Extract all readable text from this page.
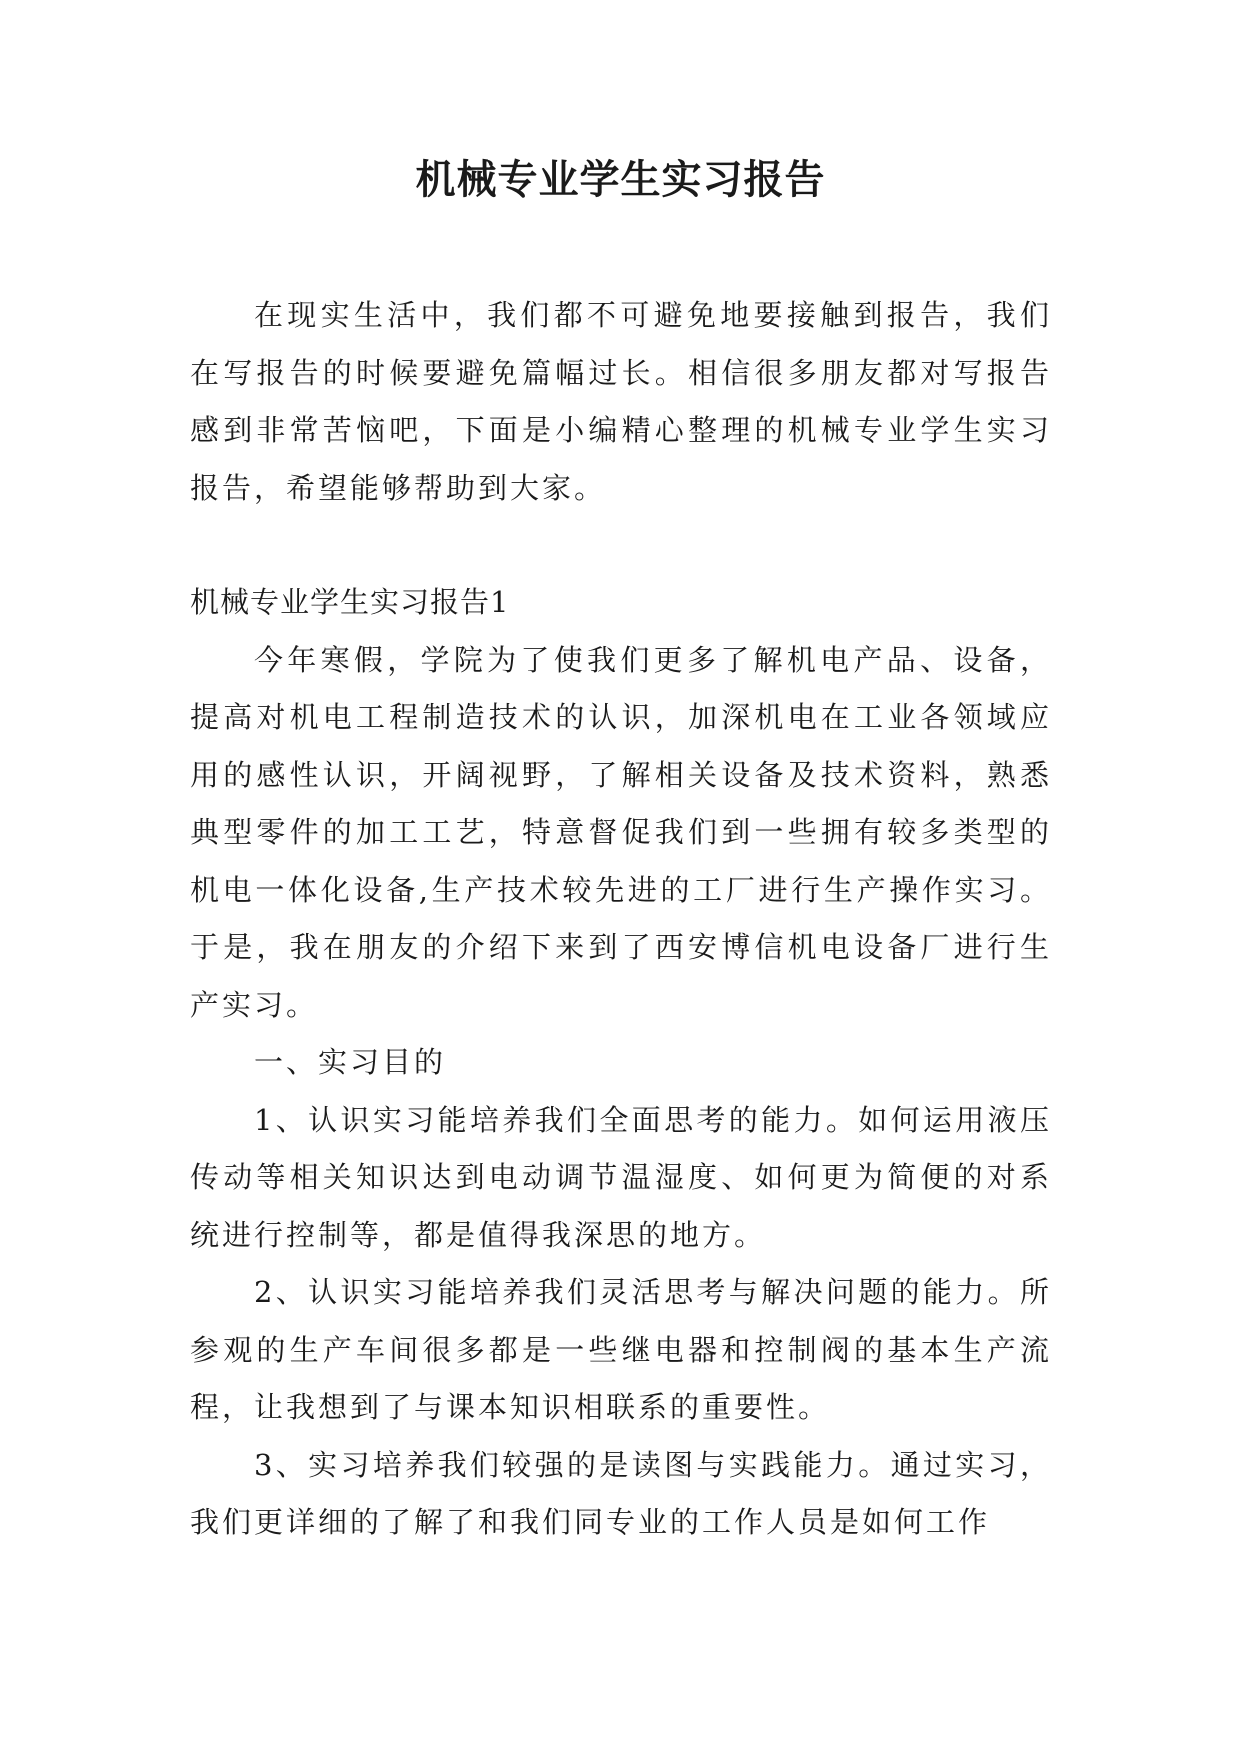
机械专业学生实习报告

在现实生活中，我们都不可避免地要接触到报告，我们在写报告的时候要避免篇幅过长。相信很多朋友都对写报告感到非常苦恼吧，下面是小编精心整理的机械专业学生实习报告，希望能够帮助到大家。

机械专业学生实习报告1

今年寒假，学院为了使我们更多了解机电产品、设备，提高对机电工程制造技术的认识，加深机电在工业各领域应用的感性认识，开阔视野，了解相关设备及技术资料，熟悉典型零件的加工工艺，特意督促我们到一些拥有较多类型的机电一体化设备,生产技术较先进的工厂进行生产操作实习。于是，我在朋友的介绍下来到了西安博信机电设备厂进行生产实习。

一、实习目的

1、认识实习能培养我们全面思考的能力。如何运用液压传动等相关知识达到电动调节温湿度、如何更为简便的对系统进行控制等，都是值得我深思的地方。

2、认识实习能培养我们灵活思考与解决问题的能力。所参观的生产车间很多都是一些继电器和控制阀的基本生产流程，让我想到了与课本知识相联系的重要性。

3、实习培养我们较强的是读图与实践能力。通过实习，我们更详细的了解了和我们同专业的工作人员是如何工作
